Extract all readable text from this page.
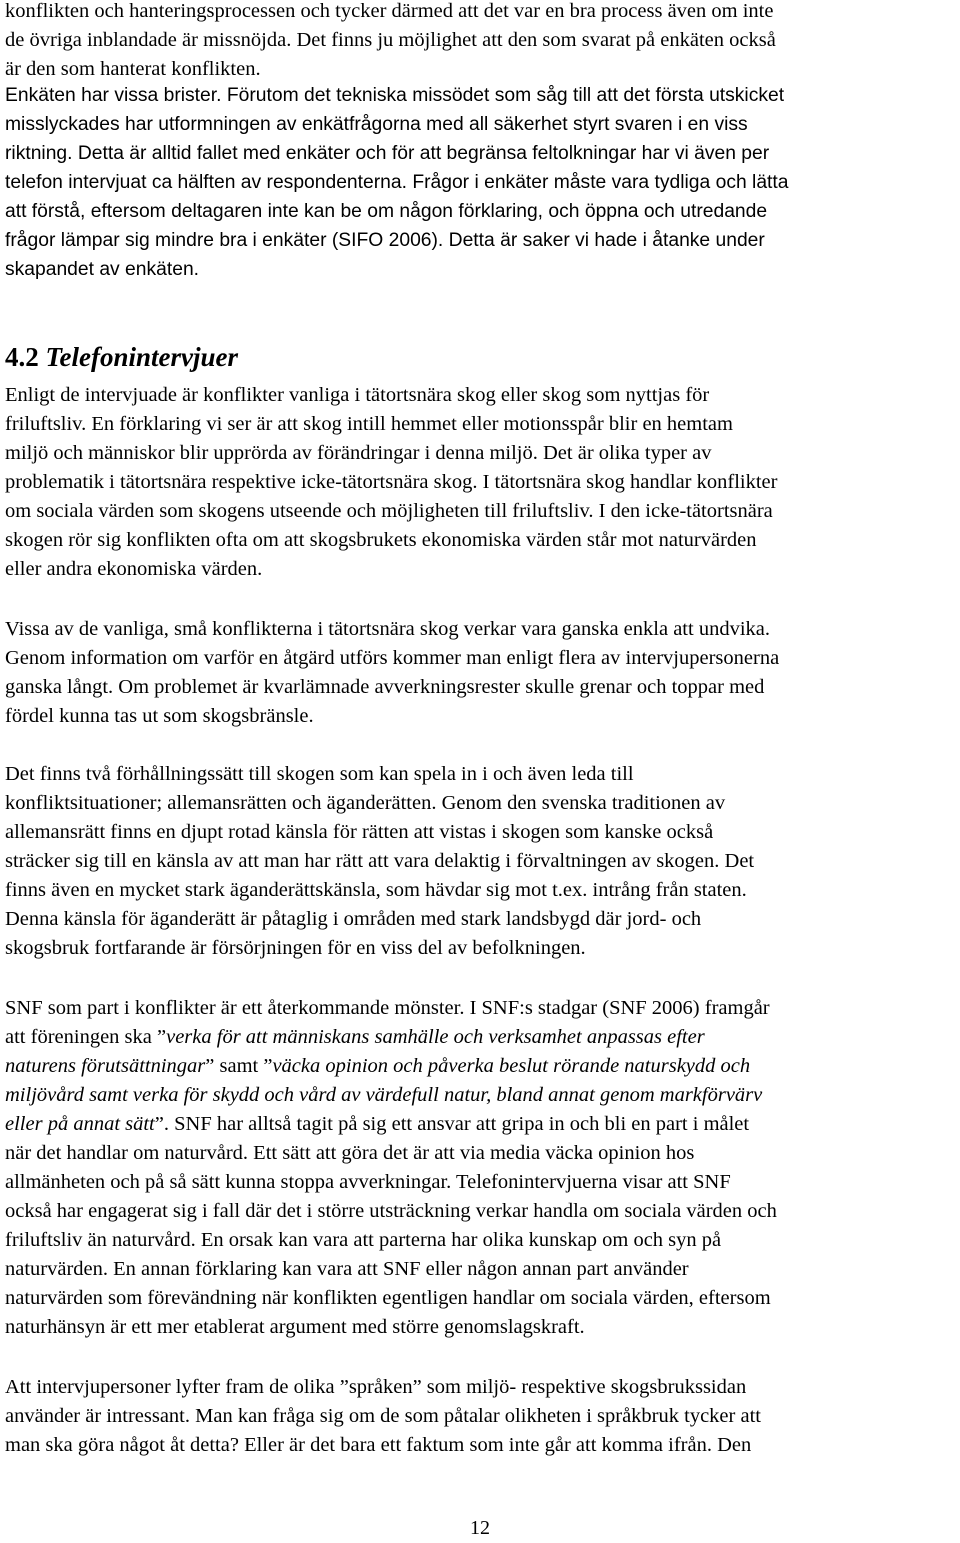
konflikten och hanteringsprocessen och tycker därmed att det var en bra process även om inte
de övriga inblandade är missnöjda. Det finns ju möjlighet att den som svarat på enkäten också
är den som hanterat konflikten.
Enkäten har vissa brister. Förutom det tekniska missödet som såg till att det första utskicket
misslyckades har utformningen av enkätfrågorna med all säkerhet styrt svaren i en viss
riktning. Detta är alltid fallet med enkäter och för att begränsa feltolkningar har vi även per
telefon intervjuat ca hälften av respondenterna. Frågor i enkäter måste vara tydliga och lätta
att förstå, eftersom deltagaren inte kan be om någon förklaring, och öppna och utredande
frågor lämpar sig mindre bra i enkäter (SIFO 2006). Detta är saker vi hade i åtanke under
skapandet av enkäten.
4.2 Telefonintervjuer
Enligt de intervjuade är konflikter vanliga i tätortsnära skog eller skog som nyttjas för
friluftsliv. En förklaring vi ser är att skog intill hemmet eller motionsspår blir en hemtam
miljö och människor blir upprörda av förändringar i denna miljö. Det är olika typer av
problematik i tätortsnära respektive icke-tätortsnära skog. I tätortsnära skog handlar konflikter
om sociala värden som skogens utseende och möjligheten till friluftsliv. I den icke-tätortsnära
skogen rör sig konflikten ofta om att skogsbrukets ekonomiska värden står mot naturvärden
eller andra ekonomiska värden.
Vissa av de vanliga, små konflikterna i tätortsnära skog verkar vara ganska enkla att undvika.
Genom information om varför en åtgärd utförs kommer man enligt flera av intervjupersonerna
ganska långt. Om problemet är kvarlämnade avverkningsrester skulle grenar och toppar med
fördel kunna tas ut som skogsbränsle.
Det finns två förhållningssätt till skogen som kan spela in i och även leda till
konfliktsituationer; allemansrätten och äganderätten. Genom den svenska traditionen av
allemansrätt finns en djupt rotad känsla för rätten att vistas i skogen som kanske också
sträcker sig till en känsla av att man har rätt att vara delaktig i förvaltningen av skogen. Det
finns även en mycket stark äganderättskänsla, som hävdar sig mot t.ex. intrång från staten.
Denna känsla för äganderätt är påtaglig i områden med stark landsbygd där jord- och
skogsbruk fortfarande är försörjningen för en viss del av befolkningen.
SNF som part i konflikter är ett återkommande mönster. I SNF:s stadgar (SNF 2006) framgår
att föreningen ska ”verka för att människans samhälle och verksamhet anpassas efter
naturens förutsättningar” samt ”väcka opinion och påverka beslut rörande naturskydd och
miljövård samt verka för skydd och vård av värdefull natur, bland annat genom markförvärv
eller på annat sätt”. SNF har alltså tagit på sig ett ansvar att gripa in och bli en part i målet
när det handlar om naturvård. Ett sätt att göra det är att via media väcka opinion hos
allmänheten och på så sätt kunna stoppa avverkningar. Telefonintervjuerna visar att SNF
också har engagerat sig i fall där det i större utsträckning verkar handla om sociala värden och
friluftsliv än naturvård. En orsak kan vara att parterna har olika kunskap om och syn på
naturvärden. En annan förklaring kan vara att SNF eller någon annan part använder
naturvärden som förevändning när konflikten egentligen handlar om sociala värden, eftersom
naturhänsyn är ett mer etablerat argument med större genomslagskraft.
Att intervjupersoner lyfter fram de olika ”språken” som miljö- respektive skogsbrukssidan
använder är intressant. Man kan fråga sig om de som påtalar olikheten i språkbruk tycker att
man ska göra något åt detta? Eller är det bara ett faktum som inte går att komma ifrån. Den
12
